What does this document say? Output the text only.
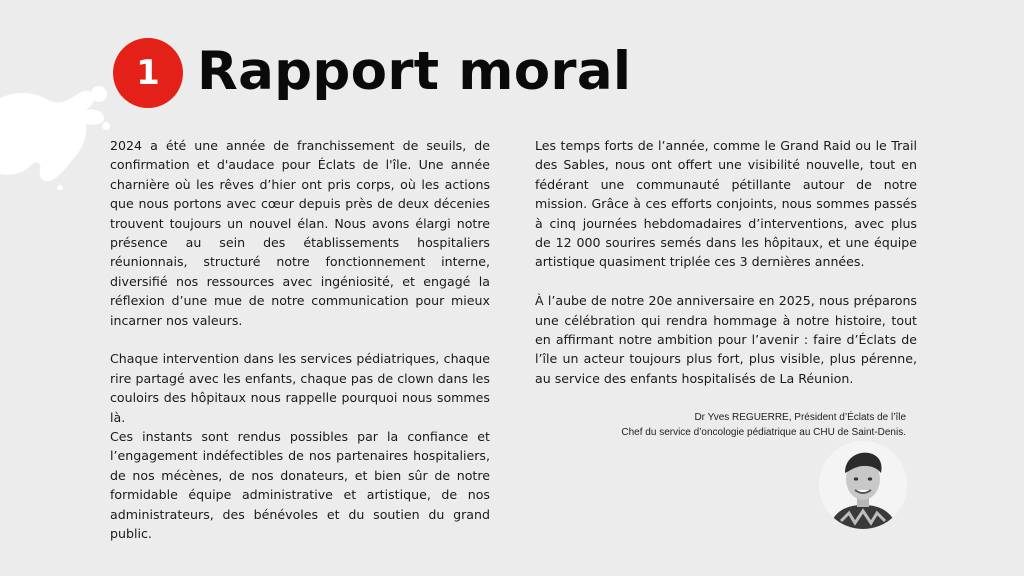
1 Rapport moral

2024 a été une année de franchissement de seuils, de confirmation et d'audace pour Éclats de l'île. Une année charnière où les rêves d’hier ont pris corps, où les actions que nous portons avec cœur depuis près de deux décenies trouvent toujours un nouvel élan. Nous avons élargi notre présence au sein des établissements hospitaliers réunionnais, structuré notre fonctionnement interne, diversifié nos ressources avec ingéniosité, et engagé la réflexion d’une mue de notre communication pour mieux incarner nos valeurs.

Chaque intervention dans les services pédiatriques, chaque rire partagé avec les enfants, chaque pas de clown dans les couloirs des hôpitaux nous rappelle pourquoi nous sommes là.

Ces instants sont rendus possibles par la confiance et l’engagement indéfectibles de nos partenaires hospitaliers, de nos mécènes, de nos donateurs, et bien sûr de notre formidable équipe administrative et artistique, de nos administrateurs, des bénévoles et du soutien du grand public.

Les temps forts de l’année, comme le Grand Raid ou le Trail des Sables, nous ont offert une visibilité nouvelle, tout en fédérant une communauté pétillante autour de notre mission. Grâce à ces efforts conjoints, nous sommes passés à cinq journées hebdomadaires d’interventions, avec plus de 12 000 sourires semés dans les hôpitaux, et une équipe artistique quasiment triplée ces 3 dernières années.

À l’aube de notre 20e anniversaire en 2025, nous préparons une célébration qui rendra hommage à notre histoire, tout en affirmant notre ambition pour l’avenir : faire d’Éclats de l’île un acteur toujours plus fort, plus visible, plus pérenne, au service des enfants hospitalisés de La Réunion.

Dr Yves REGUERRE, Président d’Éclats de l’île
Chef du service d’oncologie pédiatrique au CHU de Saint-Denis.
